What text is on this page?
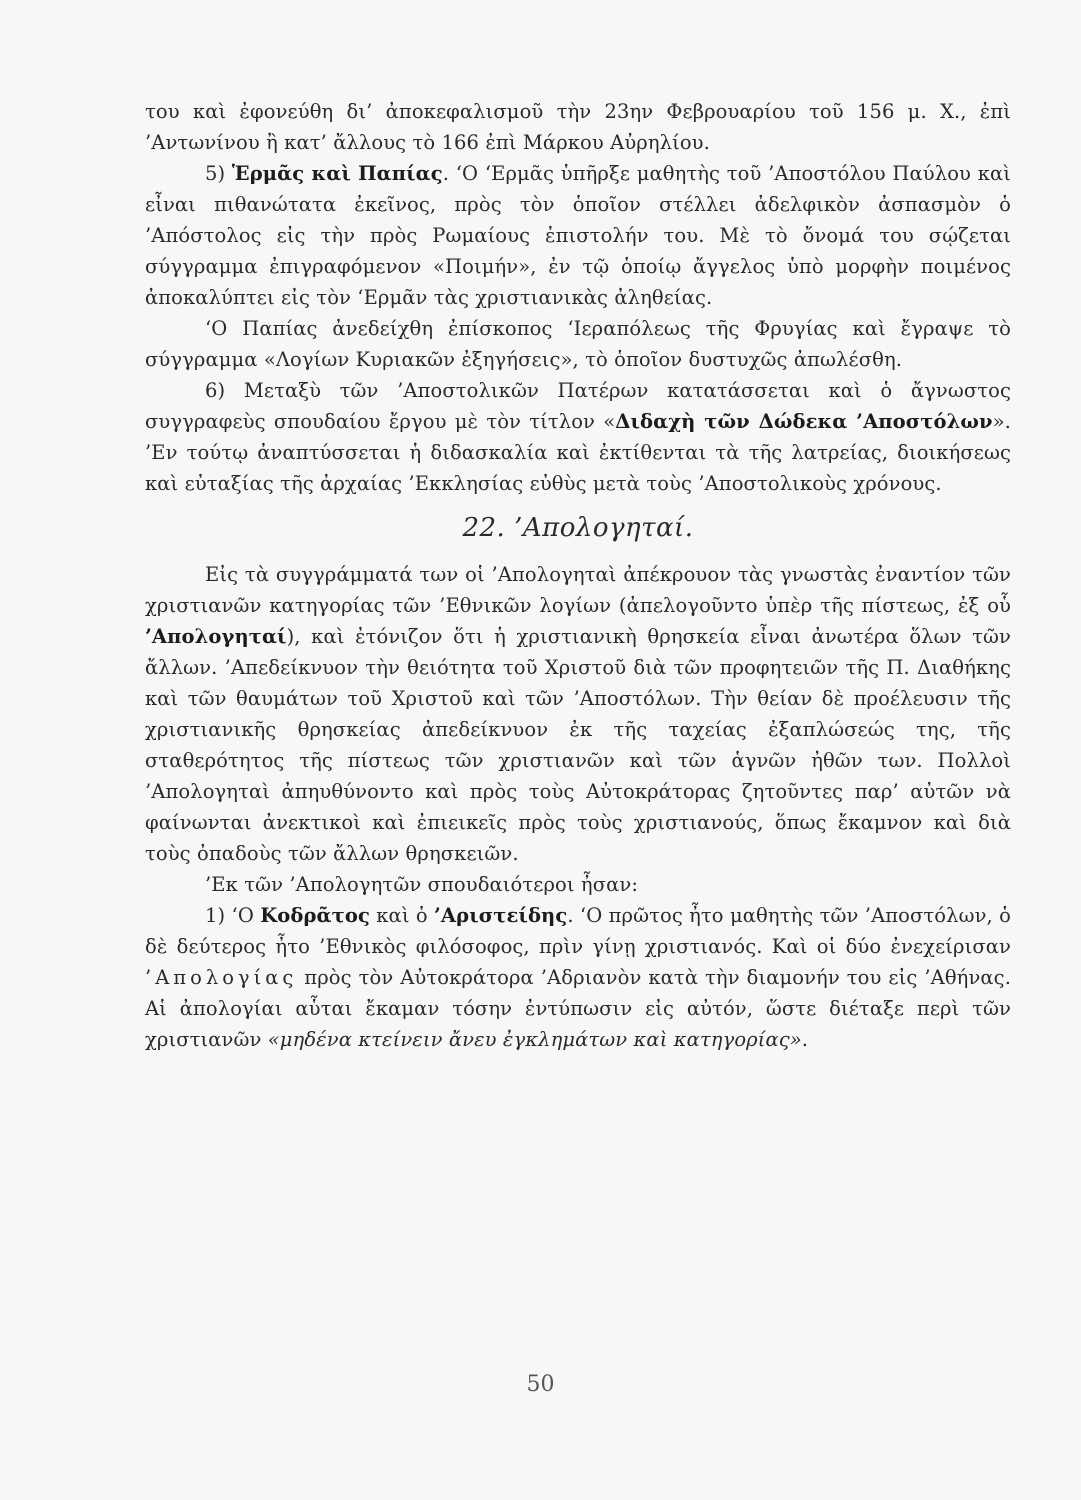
του καὶ ἐφονεύθη δι’ ἀποκεφαλισμοῦ τὴν 23ην Φεβρουαρίου τοῦ 156 μ. Χ., ἐπὶ ’Αντωνίνου ἢ κατ’ ἄλλους τὸ 166 ἐπὶ Μάρκου Αὐρηλίου.

5) Ἑρμᾶς καὶ Παπίας. ‘Ο ‘Ερμᾶς ὑπῆρξε μαθητὴς τοῦ ’Αποστόλου Παύλου καὶ εἶναι πιθανώτατα ἐκεῖνος, πρὸς τὸν ὁποῖον στέλλει ἀδελφικὸν ἀσπασμὸν ὁ ’Απόστολος εἰς τὴν πρὸς Ρωμαίους ἐπιστολήν του. Μὲ τὸ ὄνομά του σῴζεται σύγγραμμα ἐπιγραφόμενον «Ποιμήν», ἐν τῷ ὁποίῳ ἄγγελος ὑπὸ μορφὴν ποιμένος ἀποκαλύπτει εἰς τὸν ‘Ερμᾶν τὰς χριστιανικὰς ἀληθείας.

‘Ο Παπίας ἀνεδείχθη ἐπίσκοπος ‘Ιεραπόλεως τῆς Φρυγίας καὶ ἔγραψε τὸ σύγγραμμα «Λογίων Κυριακῶν ἐξηγήσεις», τὸ ὁποῖον δυστυχῶς ἀπωλέσθη.

6) Μεταξὺ τῶν ’Αποστολικῶν Πατέρων κατατάσσεται καὶ ὁ ἄγνωστος συγγραφεὺς σπουδαίου ἔργου μὲ τὸν τίτλον «Διδαχὴ τῶν Δώδεκα ’Αποστόλων». ’Εν τούτῳ ἀναπτύσσεται ἡ διδασκαλία καὶ ἐκτίθενται τὰ τῆς λατρείας, διοικήσεως καὶ εὐταξίας τῆς ἀρχαίας ’Εκκλησίας εὐθὺς μετὰ τοὺς ’Αποστολικοὺς χρόνους.

22. ’Απολογηταί.

Εἰς τὰ συγγράμματά των οἱ ’Απολογηταὶ ἀπέκρουον τὰς γνωστὰς ἐναντίον τῶν χριστιανῶν κατηγορίας τῶν ’Εθνικῶν λογίων (ἀπελογοῦντο ὑπὲρ τῆς πίστεως, ἐξ οὗ ’Απολογηταί), καὶ ἐτόνιζον ὅτι ἡ χριστιανικὴ θρησκεία εἶναι ἀνωτέρα ὅλων τῶν ἄλλων. ’Απεδείκνυον τὴν θειότητα τοῦ Χριστοῦ διὰ τῶν προφητειῶν τῆς Π. Διαθήκης καὶ τῶν θαυμάτων τοῦ Χριστοῦ καὶ τῶν ’Αποστόλων. Τὴν θείαν δὲ προέλευσιν τῆς χριστιανικῆς θρησκείας ἀπεδείκνυον ἐκ τῆς ταχείας ἐξαπλώσεώς της, τῆς σταθερότητος τῆς πίστεως τῶν χριστιανῶν καὶ τῶν ἁγνῶν ἠθῶν των. Πολλοὶ ’Απολογηταὶ ἀπηυθύνοντο καὶ πρὸς τοὺς Αὐτοκράτορας ζητοῦντες παρ’ αὐτῶν νὰ φαίνωνται ἀνεκτικοὶ καὶ ἐπιεικεῖς πρὸς τοὺς χριστιανούς, ὅπως ἔκαμνον καὶ διὰ τοὺς ὀπαδοὺς τῶν ἄλλων θρησκειῶν.

’Εκ τῶν ’Απολογητῶν σπουδαιότεροι ἦσαν:

1) ‘Ο Κοδρᾶτος καὶ ὁ ’Αριστείδης. ‘Ο πρῶτος ἦτο μαθητὴς τῶν ’Αποστόλων, ὁ δὲ δεύτερος ἦτο ’Εθνικὸς φιλόσοφος, πρὶν γίνῃ χριστιανός. Καὶ οἱ δύο ἐνεχείρισαν ’Απολογίας πρὸς τὸν Αὐτοκράτορα ’Αδριανὸν κατὰ τὴν διαμονήν του εἰς ’Αθήνας. Αἱ ἀπολογίαι αὗται ἔκαμαν τόσην ἐντύπωσιν εἰς αὐτόν, ὥστε διέταξε περὶ τῶν χριστιανῶν «μηδένα κτείνειν ἄνευ ἐγκλημάτων καὶ κατηγορίας».

50
